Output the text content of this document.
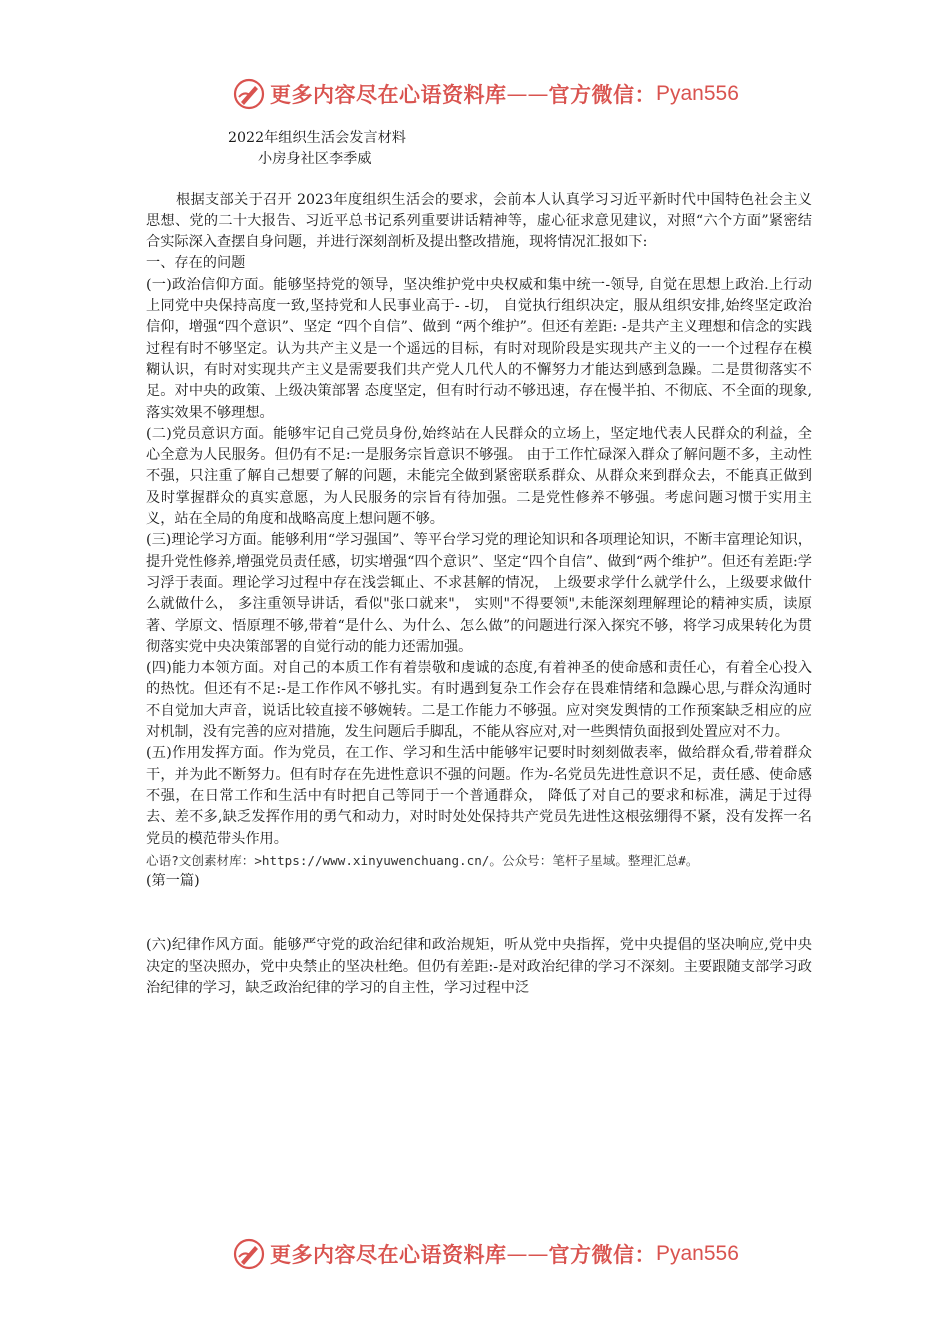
更多内容尽在心语资料库 —— 官方微信： Pyan556
2022年组织生活会发言材料
小房身社区李季威

根据支部关于召开 2023年度组织生活会的要求，会前本人认真学习习近平新时代中国特色社会主义思想、党的二十大报告、习近平总书记系列重要讲话精神等，虚心征求意见建议，对照“六个方面”紧密结合实际深入查摆自身问题，并进行深刻剖析及提出整改措施，现将情况汇报如下:

一、存在的问题

(一)政治信仰方面。能够坚持党的领导，坚决维护党中央权威和集中统一-领导, 自觉在思想上政治.上行动上同党中央保持高度一致,坚持党和人民事业高于- -切， 自觉执行组织决定，服从组织安排,始终坚定政治信仰，增强“四个意识”、坚定 “四个自信”、做到 “两个维护”。但还有差距: -是共产主义理想和信念的实践过程有时不够坚定。认为共产主义是一个遥远的目标，有时对现阶段是实现共产主义的一一个过程存在模糊认识，有时对实现共产主义是需要我们共产党人几代人的不懈努力才能达到感到急躁。二是贯彻落实不足。对中央的政策、上级决策部署 态度坚定，但有时行动不够迅速，存在慢半拍、不彻底、不全面的现象,落实效果不够理想。

(二)党员意识方面。能够牢记自己党员身份,始终站在人民群众的立场上，坚定地代表人民群众的利益，全心全意为人民服务。但仍有不足:一是服务宗旨意识不够强。 由于工作忙碌深入群众了解问题不多，主动性不强，只注重了解自己想要了解的问题，未能完全做到紧密联系群众、从群众来到群众去，不能真正做到及时掌握群众的真实意愿，为人民服务的宗旨有待加强。二是党性修养不够强。考虑问题习惯于实用主义，站在全局的角度和战略高度上想问题不够。

(三)理论学习方面。能够利用“学习强国”、等平台学习党的理论知识和各项理论知识，不断丰富理论知识，提升党性修养,增强党员责任感，切实增强“四个意识”、坚定“四个自信”、做到“两个维护”。但还有差距:学习浮于表面。理论学习过程中存在浅尝辄止、不求甚解的情况， 上级要求学什么就学什么，上级要求做什么就做什么， 多注重领导讲话，看似"张口就来"， 实则"不得要领",未能深刻理解理论的精神实质，读原著、学原文、悟原理不够,带着“是什么、为什么、怎么做”的问题进行深入探究不够，将学习成果转化为贯彻落实党中央决策部署的自觉行动的能力还需加强。

(四)能力本领方面。对自己的本质工作有着崇敬和虔诚的态度,有着神圣的使命感和责任心，有着全心投入的热忱。但还有不足:-是工作作风不够扎实。有时遇到复杂工作会存在畏难情绪和急躁心思,与群众沟通时不自觉加大声音，说话比较直接不够婉转。二是工作能力不够强。应对突发舆情的工作预案缺乏相应的应对机制，没有完善的应对措施，发生问题后手脚乱，不能从容应对,对一些舆情负面报到处置应对不力。

(五)作用发挥方面。作为党员，在工作、学习和生活中能够牢记要时时刻刻做表率，做给群众看,带着群众干，并为此不断努力。但有时存在先进性意识不强的问题。作为-名党员先进性意识不足，责任感、使命感不强，在日常工作和生活中有时把自己等同于一个普通群众， 降低了对自己的要求和标准，满足于过得去、差不多,缺乏发挥作用的勇气和动力，对时时处处保持共产党员先进性这根弦绷得不紧，没有发挥一名党员的模范带头作用。

心语?文创素材库：>https://www.xinyuwenchuang.cn/。公众号：笔杆子星域。整理汇总#。
(第一篇)

(六)纪律作风方面。能够严守党的政治纪律和政治规矩，听从党中央指挥，党中央提倡的坚决响应,党中央决定的坚决照办，党中央禁止的坚决杜绝。但仍有差距:-是对政治纪律的学习不深刻。主要跟随支部学习政治纪律的学习，缺乏政治纪律的学习的自主性，学习过程中泛

更多内容尽在心语资料库 —— 官方微信： Pyan556
